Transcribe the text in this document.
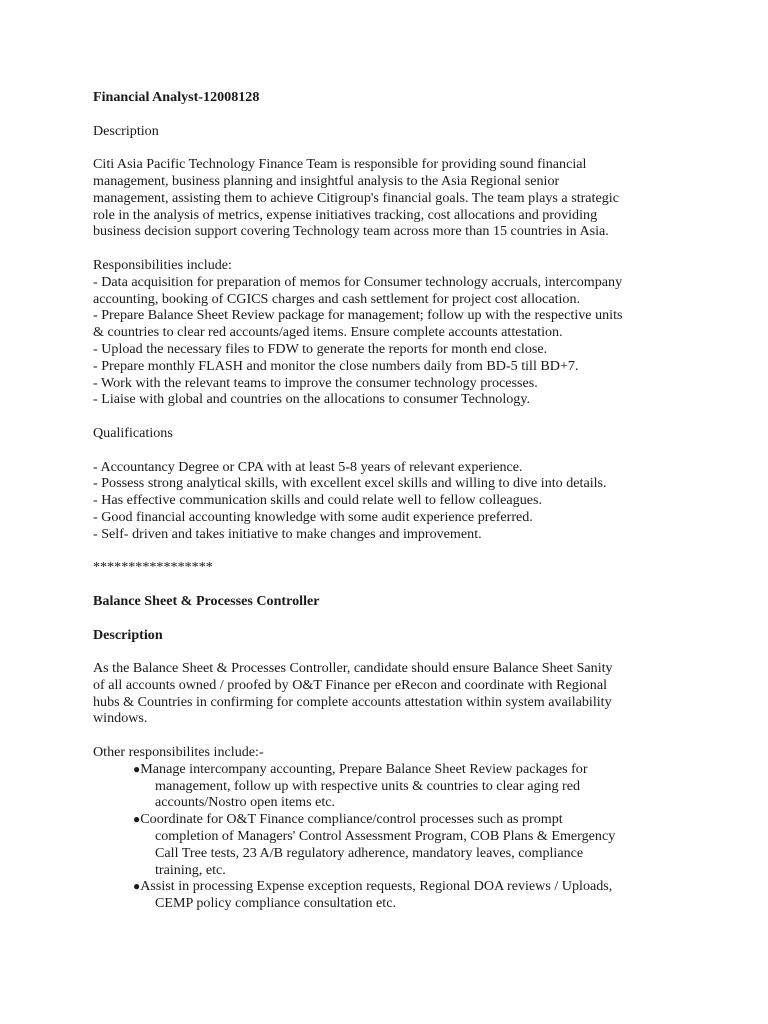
Financial Analyst-12008128
Description
Citi Asia Pacific Technology Finance Team is responsible for providing sound financial
management, business planning and insightful analysis to the Asia Regional senior
management, assisting them to achieve Citigroup's financial goals. The team plays a strategic
role in the analysis of metrics, expense initiatives tracking, cost allocations and providing
business decision support covering Technology team across more than 15 countries in Asia.
Responsibilities include:
- Data acquisition for preparation of memos for Consumer technology accruals, intercompany
accounting, booking of CGICS charges and cash settlement for project cost allocation.
- Prepare Balance Sheet Review package for management; follow up with the respective units
& countries to clear red accounts/aged items. Ensure complete accounts attestation.
- Upload the necessary files to FDW to generate the reports for month end close.
- Prepare monthly FLASH and monitor the close numbers daily from BD-5 till BD+7.
- Work with the relevant teams to improve the consumer technology processes.
- Liaise with global and countries on the allocations to consumer Technology.
Qualifications
- Accountancy Degree or CPA with at least 5-8 years of relevant experience.
- Possess strong analytical skills, with excellent excel skills and willing to dive into details.
- Has effective communication skills and could relate well to fellow colleagues.
- Good financial accounting knowledge with some audit experience preferred.
- Self- driven and takes initiative to make changes and improvement.
*****************
Balance Sheet & Processes Controller
Description
As the Balance Sheet & Processes Controller, candidate should ensure Balance Sheet Sanity
of all accounts owned / proofed by O&T Finance per eRecon and coordinate with Regional
hubs & Countries in confirming for complete accounts attestation within system availability
windows.
Other responsibilites include:-
●Manage intercompany accounting, Prepare Balance Sheet Review packages for
management, follow up with respective units & countries to clear aging red
accounts/Nostro open items etc.
●Coordinate for O&T Finance compliance/control processes such as prompt
completion of Managers' Control Assessment Program, COB Plans & Emergency
Call Tree tests, 23 A/B regulatory adherence, mandatory leaves, compliance
training, etc.
●Assist in processing Expense exception requests, Regional DOA reviews / Uploads,
CEMP policy compliance consultation etc.
